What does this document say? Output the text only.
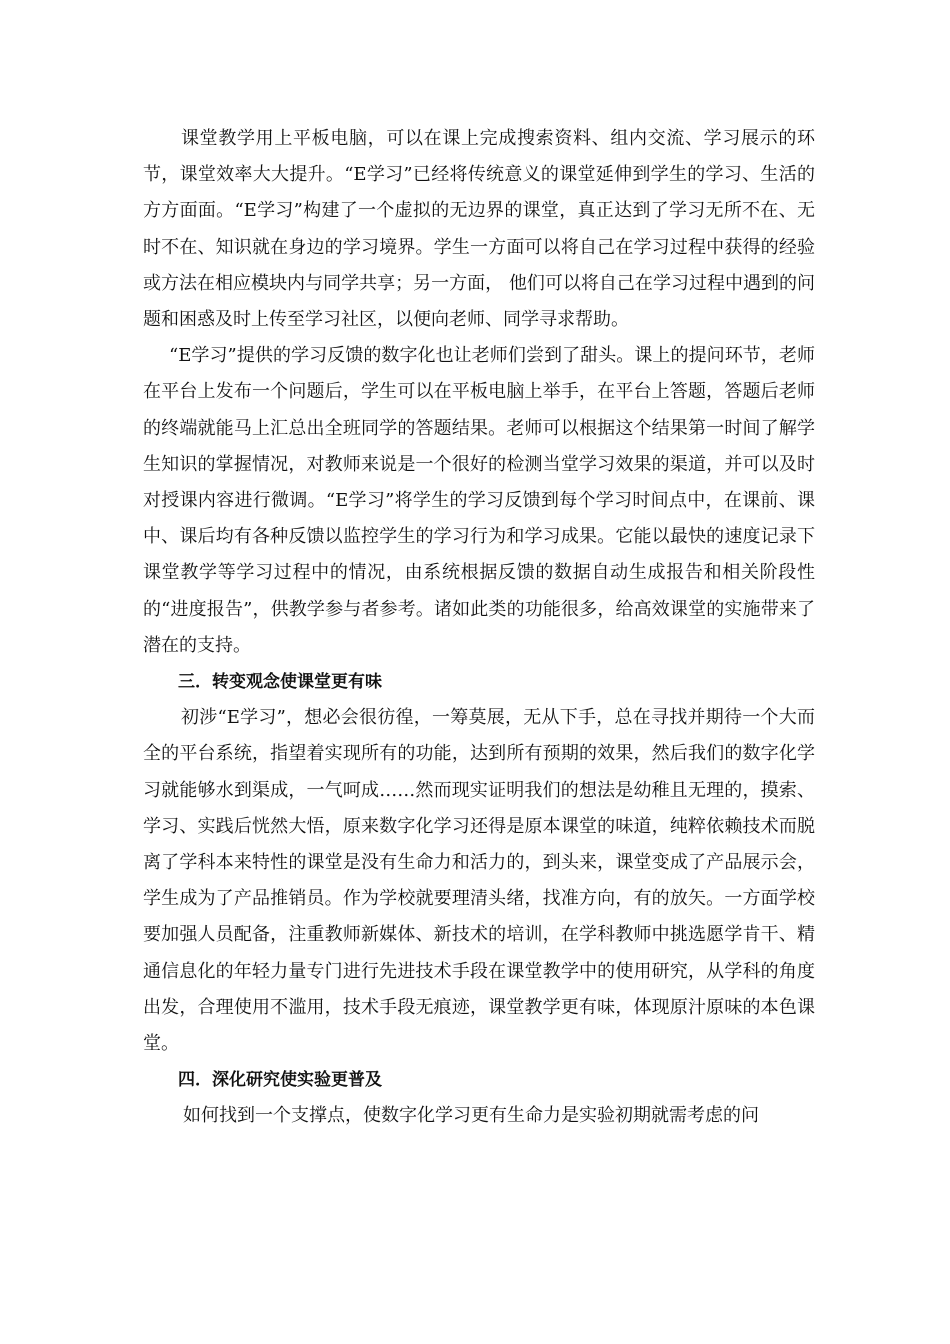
课堂教学用上平板电脑，可以在课上完成搜索资料、组内交流、学习展示的环节，课堂效率大大提升。“E学习”已经将传统意义的课堂延伸到学生的学习、生活的方方面面。“E学习”构建了一个虚拟的无边界的课堂，真正达到了学习无所不在、无时不在、知识就在身边的学习境界。学生一方面可以将自己在学习过程中获得的经验或方法在相应模块内与同学共享；另一方面， 他们可以将自己在学习过程中遇到的问题和困惑及时上传至学习社区，以便向老师、同学寻求帮助。

“E学习”提供的学习反馈的数字化也让老师们尝到了甜头。课上的提问环节，老师在平台上发布一个问题后，学生可以在平板电脑上举手，在平台上答题，答题后老师的终端就能马上汇总出全班同学的答题结果。老师可以根据这个结果第一时间了解学生知识的掌握情况，对教师来说是一个很好的检测当堂学习效果的渠道，并可以及时对授课内容进行微调。“E学习”将学生的学习反馈到每个学习时间点中，在课前、课中、课后均有各种反馈以监控学生的学习行为和学习成果。它能以最快的速度记录下课堂教学等学习过程中的情况，由系统根据反馈的数据自动生成报告和相关阶段性的“进度报告”，供教学参与者参考。诸如此类的功能很多，给高效课堂的实施带来了潜在的支持。

三．转变观念使课堂更有味

初涉“E学习”，想必会很彷徨，一筹莫展，无从下手，总在寻找并期待一个大而全的平台系统，指望着实现所有的功能，达到所有预期的效果，然后我们的数字化学习就能够水到渠成，一气呵成……然而现实证明我们的想法是幼稚且无理的，摸索、学习、实践后恍然大悟，原来数字化学习还得是原本课堂的味道，纯粹依赖技术而脱离了学科本来特性的课堂是没有生命力和活力的，到头来，课堂变成了产品展示会，学生成为了产品推销员。作为学校就要理清头绪，找准方向，有的放矢。一方面学校要加强人员配备，注重教师新媒体、新技术的培训，在学科教师中挑选愿学肯干、精通信息化的年轻力量专门进行先进技术手段在课堂教学中的使用研究，从学科的角度出发，合理使用不滥用，技术手段无痕迹，课堂教学更有味，体现原汁原味的本色课堂。

四．深化研究使实验更普及

如何找到一个支撑点，使数字化学习更有生命力是实验初期就需考虑的问
